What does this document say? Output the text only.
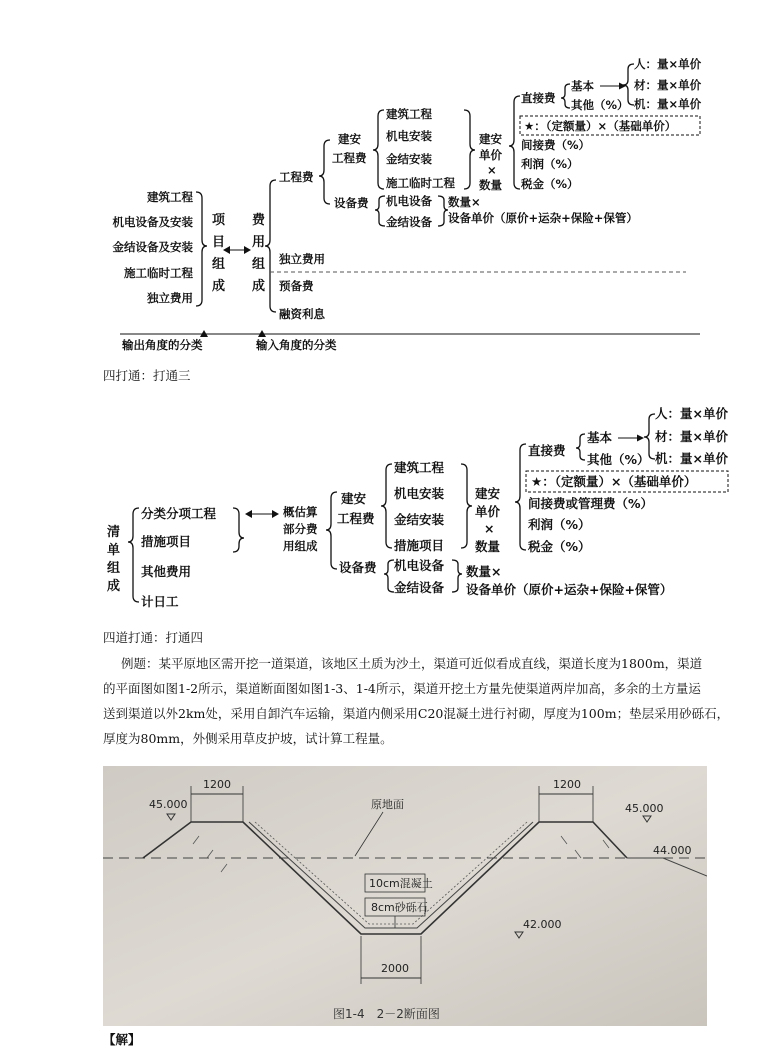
建筑工程
机电设备及安装
金结设备及安装
施工临时工程
独立费用
项
目
组
成
费
用
组
成
工程费
建安
工程费
建筑工程
机电安装
金结安装
施工临时工程
设备费 机电设备
金结设备
数量×
设备单价（原价+运杂+保险+保管）
建安
单价
×
数量
直接费
基本
其他（%）
人：量×单价
材：量×单价
机：量×单价
★：（定额量）×（基础单价）
间接费（%）
利润（%）
税金（%）
独立费用
预备费
融资利息
输出角度的分类	输入角度的分类

四打通：打通三

清
单
组
成
分类分项工程
措施项目
其他费用
计日工
概估算
部分费
用组成
建安
工程费
建筑工程
机电安装
金结安装
措施项目
设备费 机电设备
金结设备
数量×
设备单价（原价+运杂+保险+保管）
建安
单价
×
数量
直接费
基本
其他（%）
人：量×单价
材：量×单价
机：量×单价
★：（定额量）×（基础单价）
间接费或管理费（%）
利润（%）
税金（%）

四道打通：打通四

例题：某平原地区需开挖一道渠道，该地区土质为沙土，渠道可近似看成直线，渠道长度为1800m，渠道

的平面图如图1-2所示，渠道断面图如图1-3、1-4所示，渠道开挖土方量先使渠道两岸加高，多余的土方量运

送到渠道以外2km处，采用自卸汽车运输，渠道内侧采用C20混凝土进行衬砌，厚度为100m；垫层采用砂砾石，

厚度为80mm，外侧采用草皮护坡，试计算工程量。

1200	1200
45.000	45.000
44.000
42.000
原地面
10cm混凝土
8cm砂砾石
2000
图1-4　2－2断面图

【解】
